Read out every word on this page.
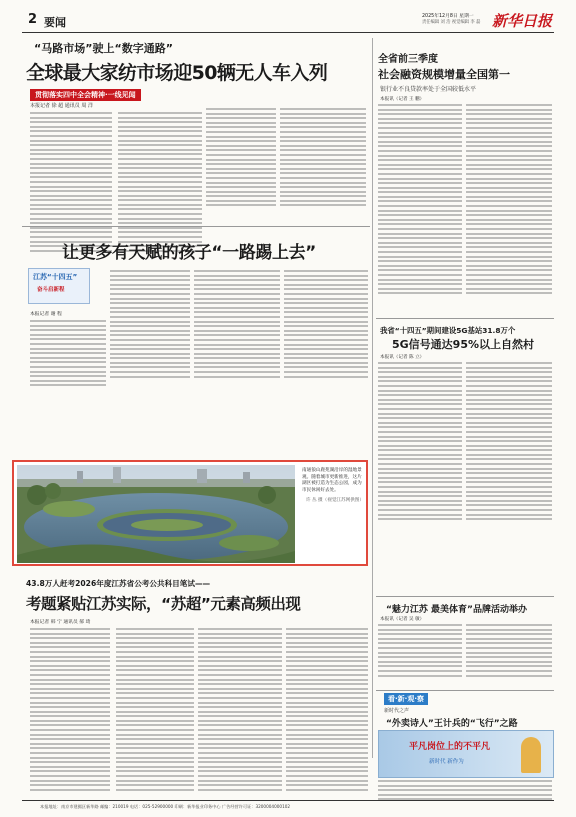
2 要闻	2025年12月8日 星期一
责任编辑 刘 浩 视觉编辑 李 磊 新华日报
“马路市场”驶上“数字通路”
全球最大家纺市场迎50辆无人车入列
贯彻落实四中全会精神·一线见闻
本报记者 徐 超 通讯员 周 洋
全省前三季度
社会融资规模增量全国第一
银行业不良贷款率处于全国较低水平
本报讯（记者 王 鹏）
让更多有天赋的孩子“一路踢上去”
江苏“十四五”
奋斗启新程
本报记者 谢 程
我省“十四五”期间建设5G基站31.8万个
5G信号通达95%以上自然村
本报讯（记者 陈 立）
南通狼山鹿苑湖沿岸的湿地景观。随着城市更新推进，这片湖区被打造为生态公园，成为市民休闲好去处。
许 丛 摄（视觉江苏网供图）
“魅力江苏 最美体育”品牌活动举办
本报讯（记者 吴 敏）
43.8万人赶考2026年度江苏省公考公共科目笔试——
考题紧贴江苏实际，“苏超”元素高频出现
本报记者 韩 宁 通讯员 郝 琦
看·新·观·察
新时代之声
“外卖诗人”王计兵的“飞行”之路
平凡岗位上的不平凡
新时代 新作为
本报地址：南京市建邺区新华路 邮编：210019 电话：025-52900000 印刷：新华报业印务中心 广告经营许可证：3200004000102
